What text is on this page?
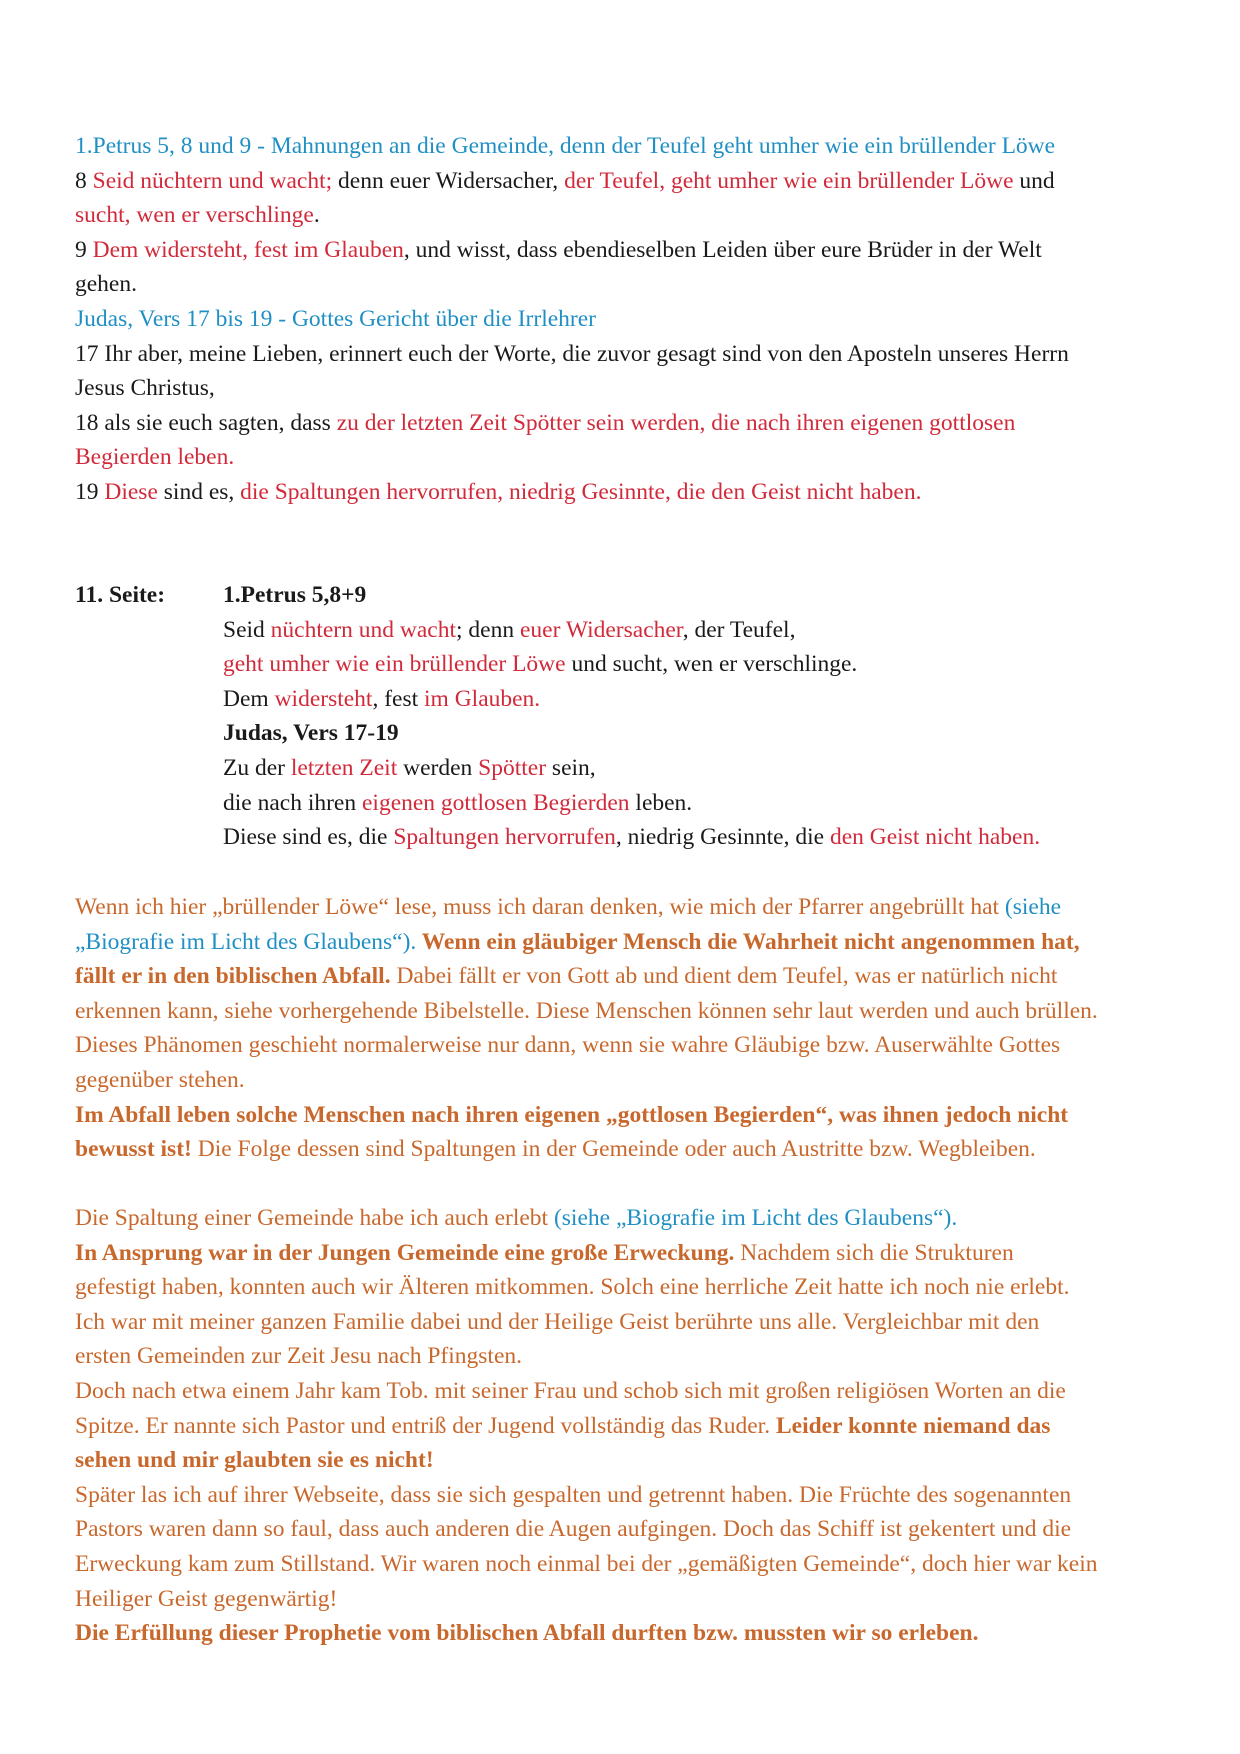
1.Petrus 5, 8 und 9 - Mahnungen an die Gemeinde, denn der Teufel geht umher wie ein brüllender Löwe
8 Seid nüchtern und wacht; denn euer Widersacher, der Teufel, geht umher wie ein brüllender Löwe und
sucht, wen er verschlinge.
9 Dem widersteht, fest im Glauben, und wisst, dass ebendieselben Leiden über eure Brüder in der Welt
gehen.
Judas, Vers 17 bis 19 - Gottes Gericht über die Irrlehrer
17 Ihr aber, meine Lieben, erinnert euch der Worte, die zuvor gesagt sind von den Aposteln unseres Herrn
Jesus Christus,
18 als sie euch sagten, dass zu der letzten Zeit Spötter sein werden, die nach ihren eigenen gottlosen
Begierden leben.
19 Diese sind es, die Spaltungen hervorrufen, niedrig Gesinnte, die den Geist nicht haben.
11. Seite: 1.Petrus 5,8+9
Seid nüchtern und wacht; denn euer Widersacher, der Teufel,
geht umher wie ein brüllender Löwe und sucht, wen er verschlinge.
Dem widersteht, fest im Glauben.
Judas, Vers 17-19
Zu der letzten Zeit werden Spötter sein,
die nach ihren eigenen gottlosen Begierden leben.
Diese sind es, die Spaltungen hervorrufen, niedrig Gesinnte, die den Geist nicht haben.
Wenn ich hier „brüllender Löwe“ lese, muss ich daran denken, wie mich der Pfarrer angebrüllt hat (siehe
„Biografie im Licht des Glaubens“). Wenn ein gläubiger Mensch die Wahrheit nicht angenommen hat,
fällt er in den biblischen Abfall. Dabei fällt er von Gott ab und dient dem Teufel, was er natürlich nicht
erkennen kann, siehe vorhergehende Bibelstelle. Diese Menschen können sehr laut werden und auch brüllen.
Dieses Phänomen geschieht normalerweise nur dann, wenn sie wahre Gläubige bzw. Auserwählte Gottes
gegenüber stehen.
Im Abfall leben solche Menschen nach ihren eigenen „gottlosen Begierden“, was ihnen jedoch nicht
bewusst ist! Die Folge dessen sind Spaltungen in der Gemeinde oder auch Austritte bzw. Wegbleiben.
Die Spaltung einer Gemeinde habe ich auch erlebt (siehe „Biografie im Licht des Glaubens“).
In Ansprung war in der Jungen Gemeinde eine große Erweckung. Nachdem sich die Strukturen
gefestigt haben, konnten auch wir Älteren mitkommen. Solch eine herrliche Zeit hatte ich noch nie erlebt.
Ich war mit meiner ganzen Familie dabei und der Heilige Geist berührte uns alle. Vergleichbar mit den
ersten Gemeinden zur Zeit Jesu nach Pfingsten.
Doch nach etwa einem Jahr kam Tob. mit seiner Frau und schob sich mit großen religiösen Worten an die
Spitze. Er nannte sich Pastor und entriß der Jugend vollständig das Ruder. Leider konnte niemand das
sehen und mir glaubten sie es nicht!
Später las ich auf ihrer Webseite, dass sie sich gespalten und getrennt haben. Die Früchte des sogenannten
Pastors waren dann so faul, dass auch anderen die Augen aufgingen. Doch das Schiff ist gekentert und die
Erweckung kam zum Stillstand. Wir waren noch einmal bei der „gemäßigten Gemeinde“, doch hier war kein
Heiliger Geist gegenwärtig!
Die Erfüllung dieser Prophetie vom biblischen Abfall durften bzw. mussten wir so erleben.
